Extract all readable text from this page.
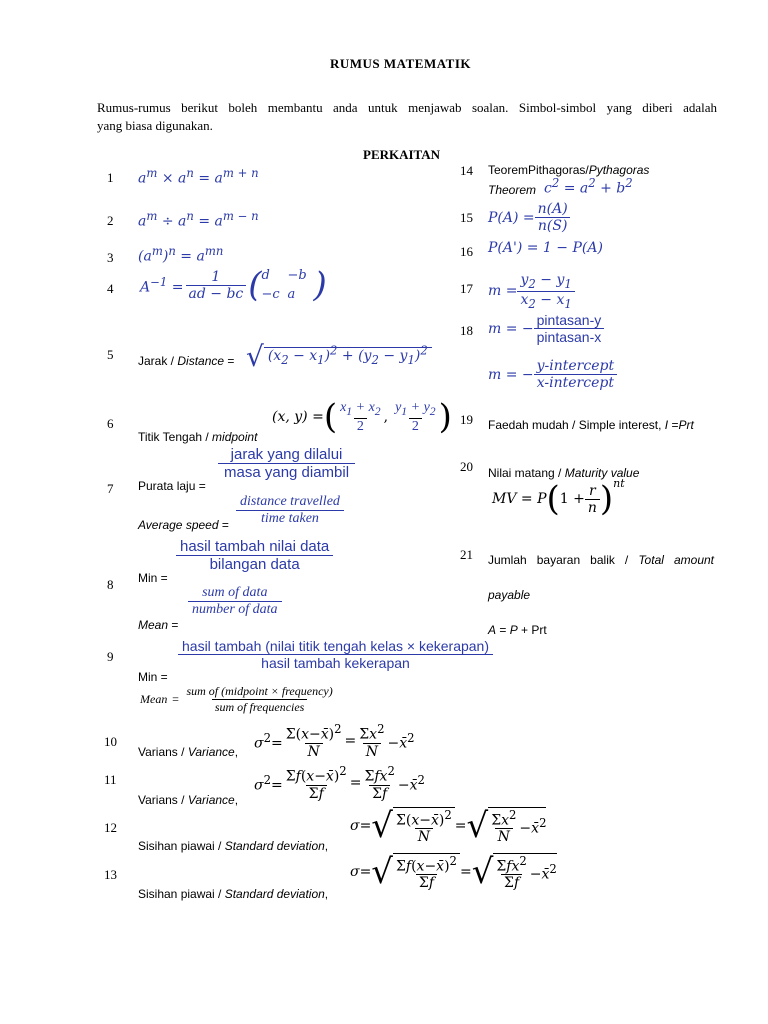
RUMUS MATEMATIK
Rumus-rumus berikut boleh membantu anda untuk menjawab soalan. Simbol-simbol yang diberi adalah
yang biasa digunakan.
PERKAITAN
1 $a^m \times a^n = a^{m + n}$
2 $a^m \div a^n = a^{m - n}$
3 $(a^m)^n = a^{mn}$
4 $A^{-1} = \frac{1}{ad - bc}$ ( d	−b
−c a )
5 Jarak / Distance = √ $(x_2 - x_1)^2 + (y_2 - y_1)^2$
6
Titik Tengah / midpoint
(x, y) = ( $\frac{x_1 + x_2}{2}$ , $\frac{y_1 + y_2}{2}$ )
7 Purata laju =
jarak yang dilalui
masa yang diambil
Average speed =
distance travelled
time taken
8 Min =
hasil tambah nilai data
bilangan data
Mean =
sum of data
number of data
9
Min =
hasil tambah (nilai titik tengah kelas × kekerapan)
hasil tambah kekerapan
Mean =
sum of (midpoint × frequency)
sum of frequencies
10
Varians / Variance,
$\sigma^2= \frac{\Sigma(x-x̄)^2}{N} = \frac{\Sigma x^2}{N}$ −x̄$^2$
11
Varians / Variance,
$\sigma^2= \frac{\Sigma f(x-x̄)^2}{\Sigma f} = \frac{\Sigma fx^2}{\Sigma f}$ −x̄$^2$
12
Sisihan piawai / Standard deviation,
σ= √ $\frac{\Sigma(x-x̄)^2}{N}$ = √ $\frac{\Sigma x^2}{N}$ −x̄$^2$
13
Sisihan piawai / Standard deviation,
σ= √ $\frac{\Sigma f(x-x̄)^2}{\Sigma f}$ = √ $\frac{\Sigma fx^2}{\Sigma f}$ −x̄$^2$
14 TeoremPithagoras/Pythagoras
Theorem $c^2 = a^2 + b^2$
15 $P(A) = \frac{n(A)}{n(S)}$
16 P(A') = 1 − P(A)
17 $m = \frac{y_2 - y_1}{x_2 - x_1}$
18 m = − $\frac{\text{pintasan-y}}{\text{pintasan-x}}$
m = − $\frac{\text{y-intercept}}{\text{x-intercept}}$
19 Faedah mudah / Simple interest, I =Prt
20 Nilai matang / Maturity value
MV = P ( $1 + \frac{r}{n} )^{nt}$
21 Jumlah bayaran balik / Total amount
payable
A = P + Prt
